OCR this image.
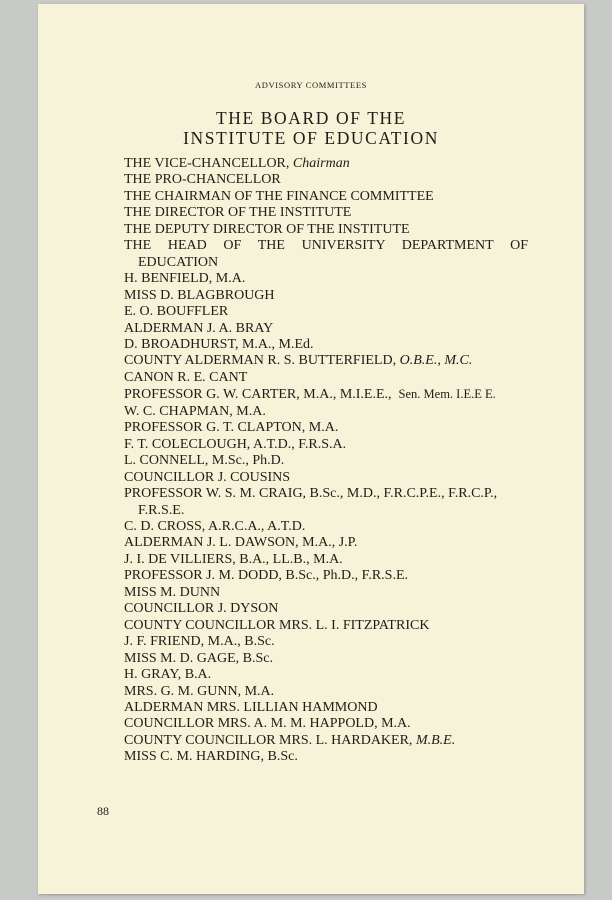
ADVISORY COMMITTEES
THE BOARD OF THE
INSTITUTE OF EDUCATION
THE VICE-CHANCELLOR, Chairman
THE PRO-CHANCELLOR
THE CHAIRMAN OF THE FINANCE COMMITTEE
THE DIRECTOR OF THE INSTITUTE
THE DEPUTY DIRECTOR OF THE INSTITUTE
THE HEAD OF THE UNIVERSITY DEPARTMENT OF
EDUCATION
H. BENFIELD, M.A.
MISS D. BLAGBROUGH
E. O. BOUFFLER
ALDERMAN J. A. BRAY
D. BROADHURST, M.A., M.Ed.
COUNTY ALDERMAN R. S. BUTTERFIELD, O.B.E., M.C.
CANON R. E. CANT
PROFESSOR G. W. CARTER, M.A., M.I.E.E.,  Sen. Mem. I.E.E E.
W. C. CHAPMAN, M.A.
PROFESSOR G. T. CLAPTON, M.A.
F. T. COLECLOUGH, A.T.D., F.R.S.A.
L. CONNELL, M.Sc., Ph.D.
COUNCILLOR J. COUSINS
PROFESSOR W. S. M. CRAIG, B.Sc., M.D., F.R.C.P.E., F.R.C.P.,
F.R.S.E.
C. D. CROSS, A.R.C.A., A.T.D.
ALDERMAN J. L. DAWSON, M.A., J.P.
J. I. DE VILLIERS, B.A., LL.B., M.A.
PROFESSOR J. M. DODD, B.Sc., Ph.D., F.R.S.E.
MISS M. DUNN
COUNCILLOR J. DYSON
COUNTY COUNCILLOR MRS. L. I. FITZPATRICK
J. F. FRIEND, M.A., B.Sc.
MISS M. D. GAGE, B.Sc.
H. GRAY, B.A.
MRS. G. M. GUNN, M.A.
ALDERMAN MRS. LILLIAN HAMMOND
COUNCILLOR MRS. A. M. M. HAPPOLD, M.A.
COUNTY COUNCILLOR MRS. L. HARDAKER, M.B.E.
MISS C. M. HARDING, B.Sc.
88
